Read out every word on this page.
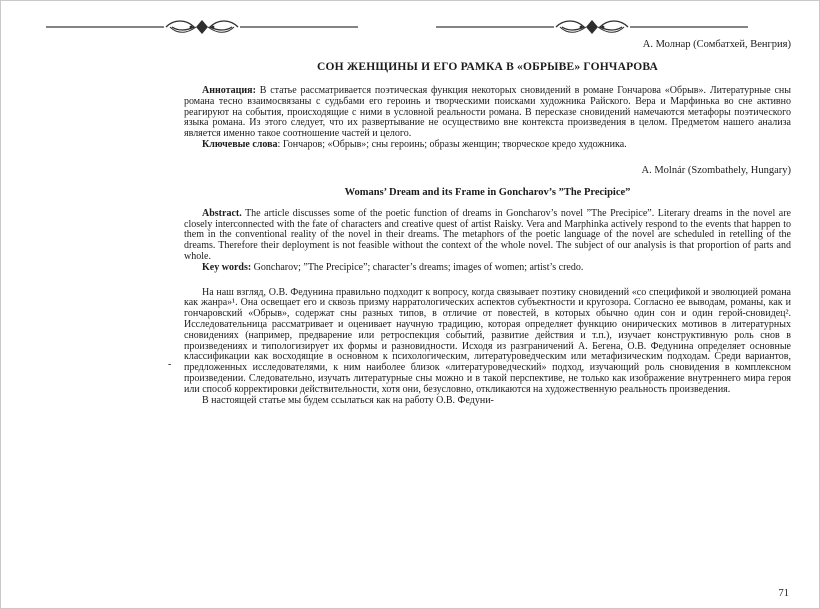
А. Молнар (Сомбатхей, Венгрия)

СОН ЖЕНЩИНЫ И ЕГО РАМКА В «ОБРЫВЕ» ГОНЧАРОВА

Аннотация: В статье рассматривается поэтическая функция некоторых сновидений в романе Гончарова «Обрыв». Литературные сны романа тесно взаимосвязаны с судьбами его героинь и творческими поисками художника Райского. Вера и Марфинька во сне активно реагируют на события, происходящие с ними в условной реальности романа. В пересказе сновидений намечаются метафоры поэтического языка романа. Из этого следует, что их развертывание не осуществимо вне контекста произведения в целом. Предметом нашего анализа является именно такое соотношение частей и целого.

Ключевые слова: Гончаров; «Обрыв»; сны героинь; образы женщин; творческое кредо художника.

A. Molnár (Szombathely, Hungary)

Womans’ Dream and its Frame in Goncharov’s ”The Precipice”

Abstract. The article discusses some of the poetic function of dreams in Goncharov’s novel ”The Precipice”. Literary dreams in the novel are closely interconnected with the fate of characters and creative quest of artist Raisky. Vera and Marphinka actively respond to the events that happen to them in the conventional reality of the novel in their dreams. The metaphors of the poetic language of the novel are scheduled in retelling of the dreams. Therefore their deployment is not feasible without the context of the whole novel. The subject of our analysis is that proportion of parts and whole.

Key words: Goncharov; ”The Precipice”; character’s dreams; images of women; artist’s credo.

На наш взгляд, О.В. Федунина правильно подходит к вопросу, когда связывает поэтику сновидений «со спецификой и эволюцией романа как жанра»¹. Она освещает его и сквозь призму нарратологических аспектов субъектности и кругозора. Согласно ее выводам, романы, как и гончаровский «Обрыв», содержат сны разных типов, в отличие от повестей, в которых обычно один сон и один герой-сновидец². Исследовательница рассматривает и оценивает научную традицию, которая определяет функцию онирических мотивов в литературных сновидениях (например, предварение или ретроспекция событий, развитие действия и т.п.), изучает конструктивную роль снов в произведениях и типологизирует их формы и разновидности. Исходя из разграничений А. Бегена, О.В. Федунина определяет основные классификации как восходящие в основном к психологическим, литературоведческим или метафизическим подходам. Среди вариантов, предложенных исследователями, к ним наиболее близок «литературоведческий» подход, изучающий роль сновидения в комплексном произведении. Следовательно, изучать литературные сны можно и в такой перспективе, не только как изображение внутреннего мира героя или способ корректировки действительности, хотя они, безусловно, откликаются на художественную реальность произведения.

В настоящей статье мы будем ссылаться как на работу О.В. Федуни-

-
71
